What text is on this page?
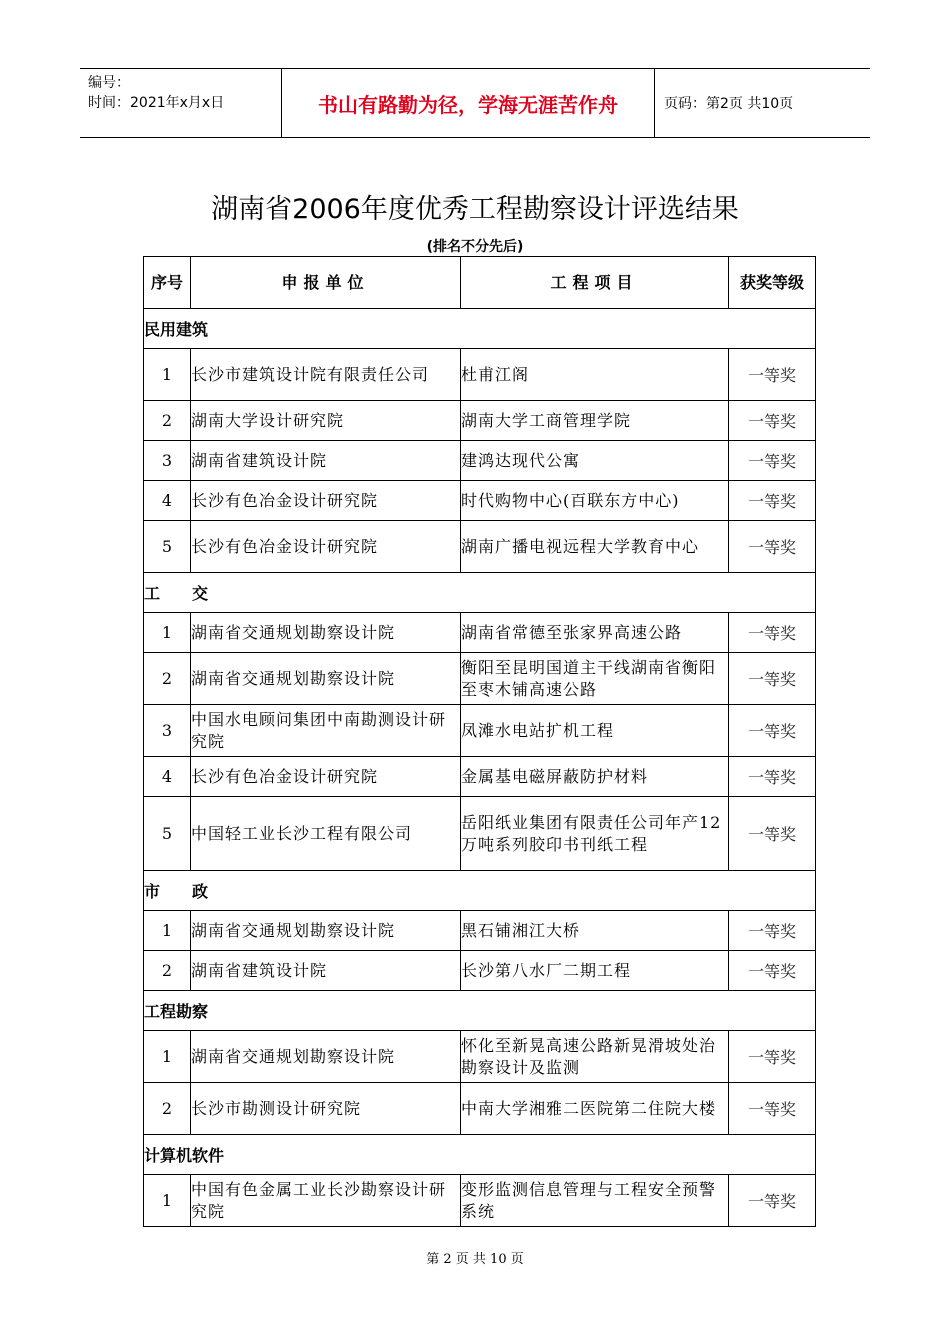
编号：
时间：2021年x月x日	书山有路勤为径，学海无涯苦作舟	页码：第2页 共10页
湖南省2006年度优秀工程勘察设计评选结果
(排名不分先后)
序号	申报单位	工程项目	获奖等级
民用建筑			
1	长沙市建筑设计院有限责任公司	杜甫江阁	一等奖
2	湖南大学设计研究院	湖南大学工商管理学院	一等奖
3	湖南省建筑设计院	建鸿达现代公寓	一等奖
4	长沙有色冶金设计研究院	时代购物中心(百联东方中心)	一等奖
5	长沙有色冶金设计研究院	湖南广播电视远程大学教育中心	一等奖
工　　交			
1	湖南省交通规划勘察设计院	湖南省常德至张家界高速公路	一等奖
2	湖南省交通规划勘察设计院	衡阳至昆明国道主干线湖南省衡阳至枣木铺高速公路	一等奖
3	中国水电顾问集团中南勘测设计研究院	凤滩水电站扩机工程	一等奖
4	长沙有色冶金设计研究院	金属基电磁屏蔽防护材料	一等奖
5	中国轻工业长沙工程有限公司	岳阳纸业集团有限责任公司年产12万吨系列胶印书刊纸工程	一等奖
市　　政			
1	湖南省交通规划勘察设计院	黑石铺湘江大桥	一等奖
2	湖南省建筑设计院	长沙第八水厂二期工程	一等奖
工程勘察			
1	湖南省交通规划勘察设计院	怀化至新晃高速公路新晃滑坡处治勘察设计及监测	一等奖
2	长沙市勘测设计研究院	中南大学湘雅二医院第二住院大楼	一等奖
计算机软件			
1	中国有色金属工业长沙勘察设计研究院	变形监测信息管理与工程安全预警系统	一等奖
第 2 页 共 10 页
